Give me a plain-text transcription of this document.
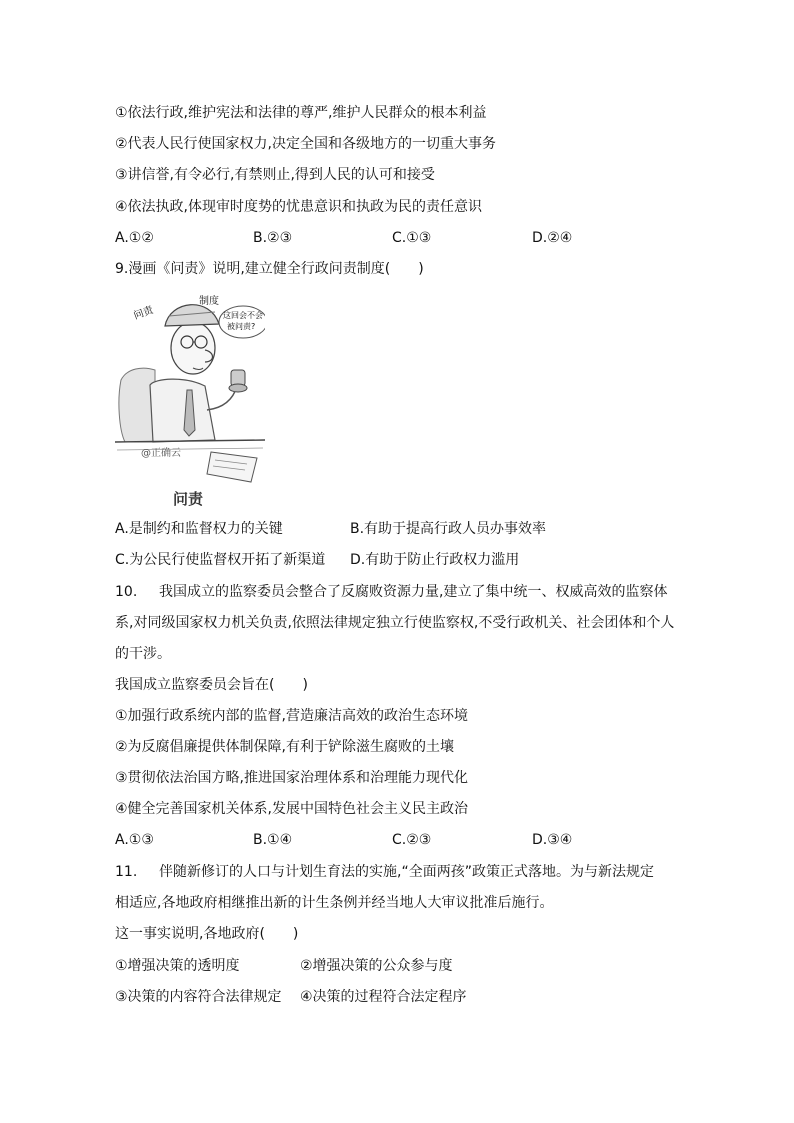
①依法行政,维护宪法和法律的尊严,维护人民群众的根本利益
②代表人民行使国家权力,决定全国和各级地方的一切重大事务
③讲信誉,有令必行,有禁则止,得到人民的认可和接受
④依法执政,体现审时度势的忧患意识和执政为民的责任意识
A.①②	B.②③	C.①③	D.②④
9.漫画《问责》说明,建立健全行政问责制度(　　)
问责
制度
这回会不会
被问责?
@正确云
问责
A.是制约和监督权力的关键	B.有助于提高行政人员办事效率
C.为公民行使监督权开拓了新渠道 D.有助于防止行政权力滥用
10. 我国成立的监察委员会整合了反腐败资源力量,建立了集中统一、权威高效的监察体
系,对同级国家权力机关负责,依照法律规定独立行使监察权,不受行政机关、社会团体和个人
的干涉。
我国成立监察委员会旨在(　　)
①加强行政系统内部的监督,营造廉洁高效的政治生态环境
②为反腐倡廉提供体制保障,有利于铲除滋生腐败的土壤
③贯彻依法治国方略,推进国家治理体系和治理能力现代化
④健全完善国家机关体系,发展中国特色社会主义民主政治
A.①③	B.①④	C.②③	D.③④
11. 伴随新修订的人口与计划生育法的实施,“全面两孩”政策正式落地。为与新法规定
相适应,各地政府相继推出新的计生条例并经当地人大审议批准后施行。
这一事实说明,各地政府(　　)
①增强决策的透明度	②增强决策的公众参与度
③决策的内容符合法律规定 ④决策的过程符合法定程序
